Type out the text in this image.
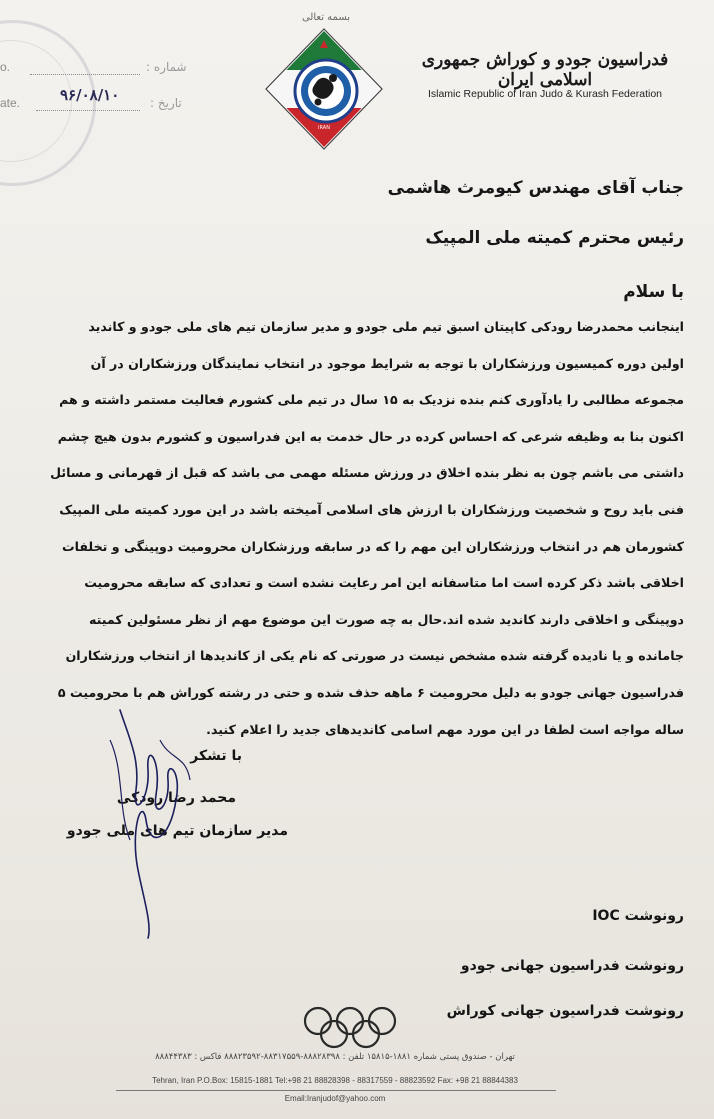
o.	شماره :
ate.	۹۶/۰۸/۱۰	تاریخ :
بسمه تعالی
IRAN
فدراسیون جودو و کوراش جمهوری اسلامی ایران
Islamic Republic of Iran Judo & Kurash Federation
جناب آقای مهندس کیومرث هاشمی
رئیس محترم کمیته ملی المپیک
با سلام
اینجانب محمدرضا رودکی کاپیتان اسبق تیم ملی جودو و مدیر سازمان تیم های ملی جودو و کاندید
اولین دوره کمیسیون ورزشکاران با توجه به شرایط موجود در انتخاب نمایندگان ورزشکاران در آن
مجموعه مطالبی را یادآوری کنم بنده نزدیک به ۱۵ سال در تیم ملی کشورم فعالیت مستمر داشته و هم
اکنون بنا به وظیفه شرعی که احساس کرده در حال خدمت به این فدراسیون و کشورم بدون هیچ چشم
داشتی می باشم چون به نظر بنده اخلاق در ورزش مسئله مهمی می باشد که قبل از قهرمانی و مسائل
فنی باید روح و شخصیت ورزشکاران با ارزش های اسلامی آمیخته باشد در این مورد کمیته ملی المپیک
کشورمان هم در انتخاب ورزشکاران این مهم را که در سابقه ورزشکاران محرومیت دوپینگی و تخلفات
اخلاقی باشد ذکر کرده است اما متاسفانه این امر رعایت نشده است و تعدادی که سابقه محرومیت
دوپینگی و اخلاقی دارند کاندید شده اند.حال به چه صورت این موضوع مهم از نظر مسئولین کمیته
جامانده و یا نادیده گرفته شده مشخص نیست در صورتی که نام یکی از کاندیدها از انتخاب ورزشکاران
فدراسیون جهانی جودو به دلیل محرومیت ۶ ماهه حذف شده و حتی در رشته کوراش هم با محرومیت ۵
ساله مواجه است لطفا در این مورد مهم اسامی کاندیدهای جدید را اعلام کنید.
با تشکر
محمد رضا رودکی
مدیر سازمان تیم های ملی جودو
رونوشت IOC
رونوشت فدراسیون جهانی جودو
رونوشت فدراسیون جهانی کوراش
تهران - صندوق پستی شماره ۱۸۸۱-۱۵۸۱۵ تلفن : ۸۸۸۲۸۳۹۸-۸۸۳۱۷۵۵۹-۸۸۸۲۳۵۹۲ فاکس : ۸۸۸۴۴۳۸۳
Tehran, Iran P.O.Box: 15815-1881 Tel:+98 21 88828398 - 88317559 - 88823592 Fax: +98 21 88844383
Email:Iranjudof@yahoo.com
